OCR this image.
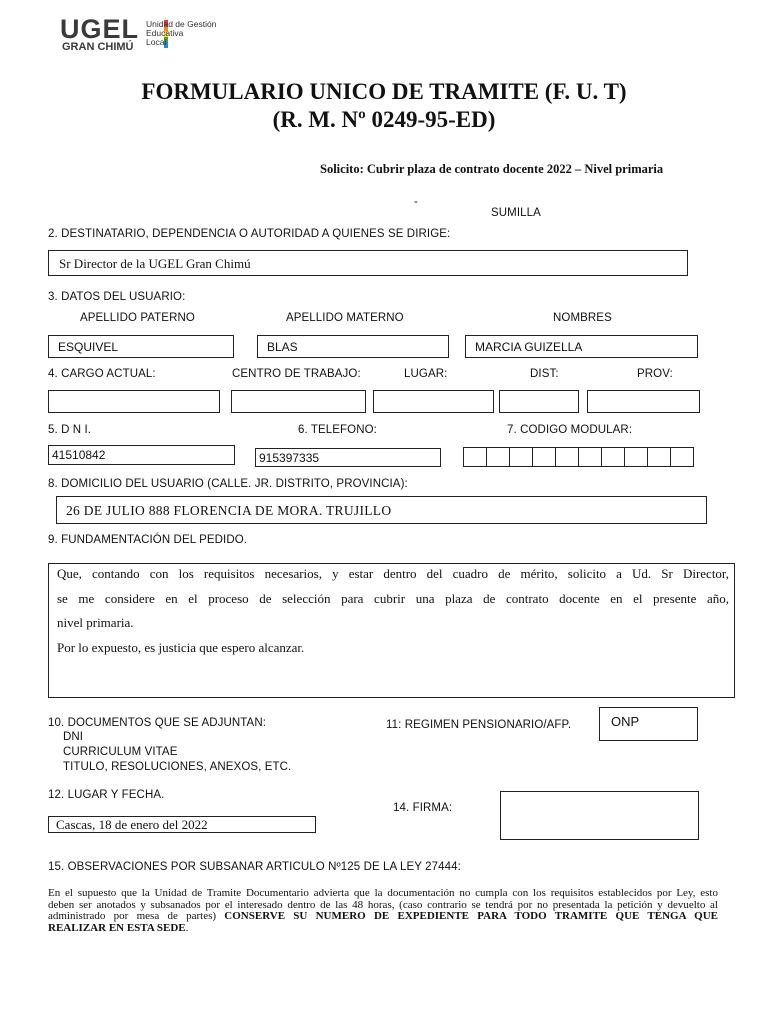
UGEL
GRAN CHIMÚ
Unidad de Gestión
Educativa
Local
FORMULARIO UNICO DE TRAMITE (F. U. T)
(R. M. Nº 0249-95-ED)
Solicito: Cubrir plaza de contrato docente 2022 – Nivel primaria
-
SUMILLA
2. DESTINATARIO, DEPENDENCIA O AUTORIDAD A QUIENES SE DIRIGE:
Sr Director de la UGEL Gran Chimú
3. DATOS DEL USUARIO:
APELLIDO PATERNO	APELLIDO MATERNO	NOMBRES
ESQUIVEL	BLAS	MARCIA GUIZELLA
4. CARGO ACTUAL:	CENTRO DE TRABAJO:	LUGAR:	DIST:	PROV:
5. D N I.	6. TELEFONO:	7. CODIGO MODULAR:
41510842	915397335
8. DOMICILIO DEL USUARIO (CALLE. JR. DISTRITO, PROVINCIA):
26 DE JULIO 888 FLORENCIA DE MORA. TRUJILLO
9. FUNDAMENTACIÓN DEL PEDIDO.
Que, contando con los requisitos necesarios, y estar dentro del cuadro de mérito, solicito a Ud. Sr Director,
se me considere en el proceso de selección para cubrir una plaza de contrato docente en el presente año,
nivel primaria.
Por lo expuesto, es justicia que espero alcanzar.
10. DOCUMENTOS QUE SE ADJUNTAN:
DNI
CURRICULUM VITAE
TITULO, RESOLUCIONES, ANEXOS, ETC.
11: REGIMEN PENSIONARIO/AFP.	ONP
12. LUGAR Y FECHA.
Cascas, 18 de enero del 2022
14. FIRMA:
15. OBSERVACIONES POR SUBSANAR ARTICULO Nº125 DE LA LEY 27444:
En el supuesto que la Unidad de Tramite Documentario advierta que la documentación no cumpla con los requisitos establecidos por Ley, esto
deben ser anotados y subsanados por el interesado dentro de las 48 horas, (caso contrario se tendrá por no presentada la petición y devuelto al
administrado por mesa de partes) CONSERVE SU NUMERO DE EXPEDIENTE PARA TODO TRAMITE QUE TENGA QUE
REALIZAR EN ESTA SEDE.
